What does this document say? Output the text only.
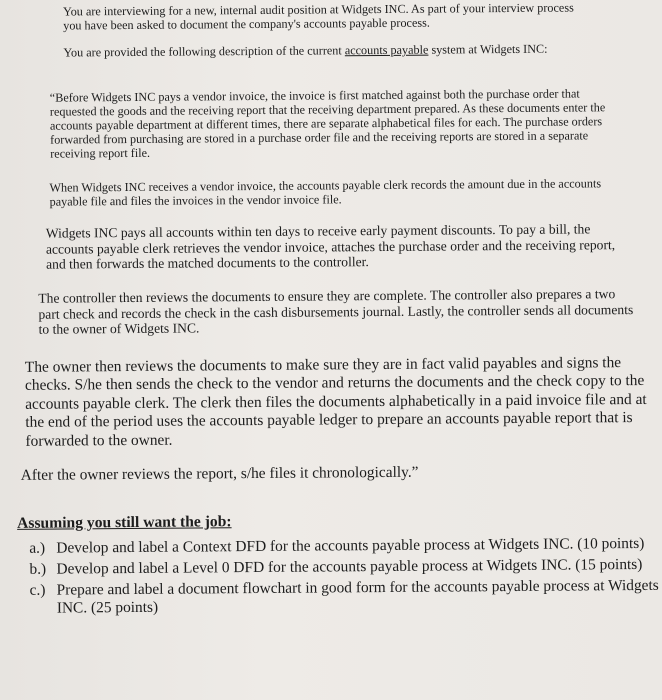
You are interviewing for a new, internal audit position at Widgets INC. As part of your interview process you have been asked to document the company's accounts payable process.

You are provided the following description of the current accounts payable system at Widgets INC:

“Before Widgets INC pays a vendor invoice, the invoice is first matched against both the purchase order that requested the goods and the receiving report that the receiving department prepared. As these documents enter the accounts payable department at different times, there are separate alphabetical files for each. The purchase orders forwarded from purchasing are stored in a purchase order file and the receiving reports are stored in a separate receiving report file.

When Widgets INC receives a vendor invoice, the accounts payable clerk records the amount due in the accounts payable file and files the invoices in the vendor invoice file.

Widgets INC pays all accounts within ten days to receive early payment discounts. To pay a bill, the accounts payable clerk retrieves the vendor invoice, attaches the purchase order and the receiving report, and then forwards the matched documents to the controller.

The controller then reviews the documents to ensure they are complete. The controller also prepares a two part check and records the check in the cash disbursements journal. Lastly, the controller sends all documents to the owner of Widgets INC.

The owner then reviews the documents to make sure they are in fact valid payables and signs the checks. S/he then sends the check to the vendor and returns the documents and the check copy to the accounts payable clerk. The clerk then files the documents alphabetically in a paid invoice file and at the end of the period uses the accounts payable ledger to prepare an accounts payable report that is forwarded to the owner.

After the owner reviews the report, s/he files it chronologically.”

Assuming you still want the job:

a.) Develop and label a Context DFD for the accounts payable process at Widgets INC. (10 points)
b.) Develop and label a Level 0 DFD for the accounts payable process at Widgets INC. (15 points)
c.) Prepare and label a document flowchart in good form for the accounts payable process at Widgets INC. (25 points)
